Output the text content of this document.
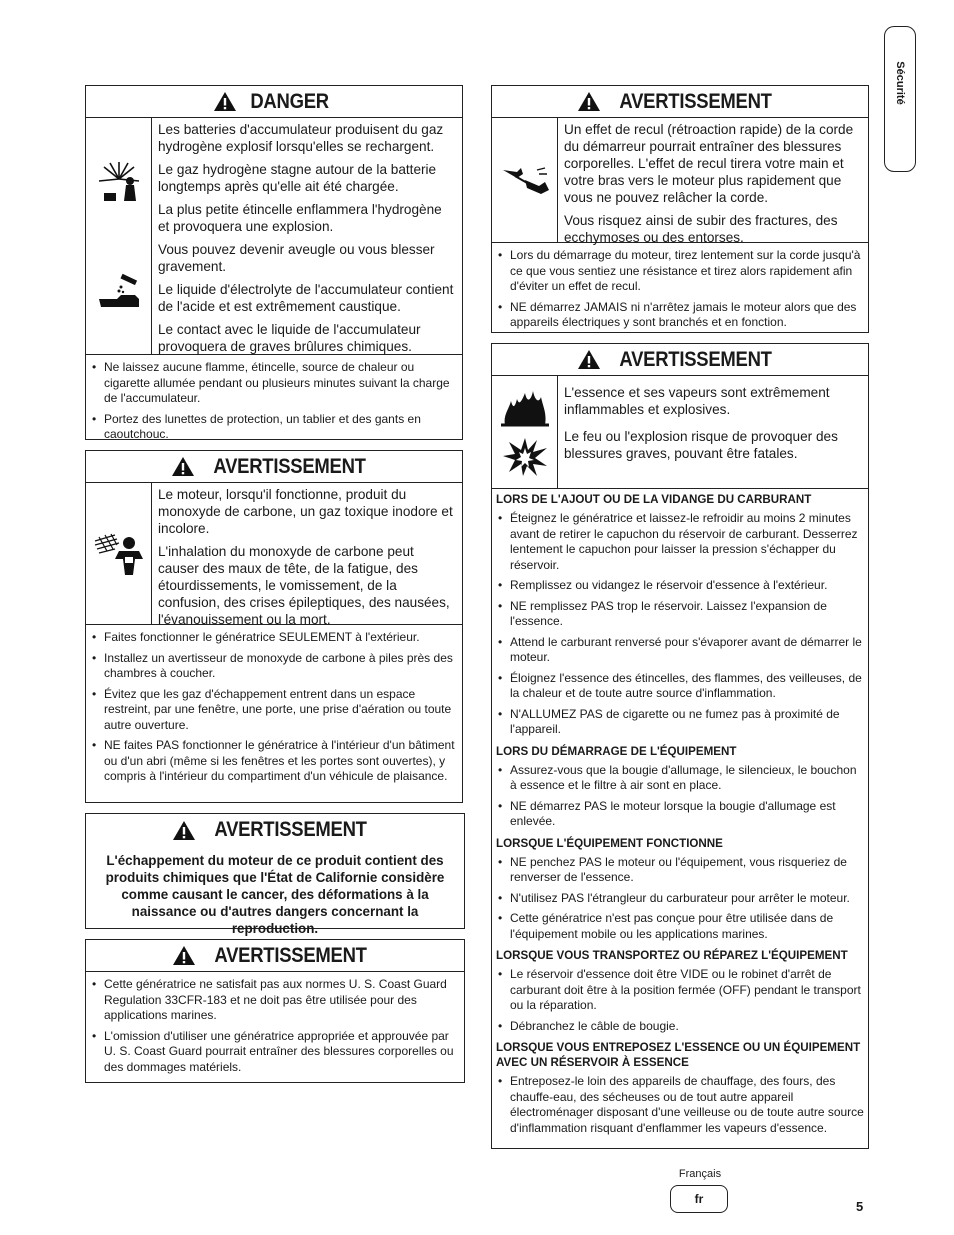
Sécurité
DANGER

Les batteries d'accumulateur produisent du gaz hydrogène explosif lorsqu'elles se rechargent.

Le gaz hydrogène stagne autour de la batterie longtemps après qu'elle ait été chargée.

La plus petite étincelle enflammera l'hydrogène et provoquera une explosion.

Vous pouvez devenir aveugle ou vous blesser gravement.

Le liquide d'électrolyte de l'accumulateur contient de l'acide et est extrêmement caustique.

Le contact avec le liquide de l'accumulateur provoquera de graves brûlures chimiques.

• Ne laissez aucune flamme, étincelle, source de chaleur ou cigarette allumée pendant ou plusieurs minutes suivant la charge de l'accumulateur.
• Portez des lunettes de protection, un tablier et des gants en caoutchouc.
AVERTISSEMENT

Le moteur, lorsqu'il fonctionne, produit du monoxyde de carbone, un gaz toxique inodore et incolore.

L'inhalation du monoxyde de carbone peut causer des maux de tête, de la fatigue, des étourdissements, le vomissement, de la confusion, des crises épileptiques, des nausées, l'évanouissement ou la mort.

• Faites fonctionner le génératrice SEULEMENT à l'extérieur.
• Installez un avertisseur de monoxyde de carbone à piles près des chambres à coucher.
• Évitez que les gaz d'échappement entrent dans un espace restreint, par une fenêtre, une porte, une prise d'aération ou toute autre ouverture.
• NE faites PAS fonctionner le génératrice à l'intérieur d'un bâtiment ou d'un abri (même si les fenêtres et les portes sont ouvertes), y compris à l'intérieur du compartiment d'un véhicule de plaisance.
AVERTISSEMENT
L'échappement du moteur de ce produit contient des produits chimiques que l'État de Californie considère comme causant le cancer, des déformations à la naissance ou d'autres dangers concernant la reproduction.
AVERTISSEMENT
• Cette génératrice ne satisfait pas aux normes U. S. Coast Guard Regulation 33CFR-183 et ne doit pas être utilisée pour des applications marines.
• L'omission d'utiliser une génératrice appropriée et approuvée par U. S. Coast Guard pourrait entraîner des blessures corporelles ou des dommages matériels.
AVERTISSEMENT

Un effet de recul (rétroaction rapide) de la corde du démarreur pourrait entraîner des blessures corporelles. L'effet de recul tirera votre main et votre bras vers le moteur plus rapidement que vous ne pouvez relâcher la corde.

Vous risquez ainsi de subir des fractures, des ecchymoses ou des entorses.

• Lors du démarrage du moteur, tirez lentement sur la corde jusqu'à ce que vous sentiez une résistance et tirez alors rapidement afin d'éviter un effet de recul.
• NE démarrez JAMAIS ni n'arrêtez jamais le moteur alors que des appareils électriques y sont branchés et en fonction.
AVERTISSEMENT

L'essence et ses vapeurs sont extrêmement inflammables et explosives.

Le feu ou l'explosion risque de provoquer des blessures graves, pouvant être fatales.

LORS DE L'AJOUT OU DE LA VIDANGE DU CARBURANT
• Éteignez le génératrice et laissez-le refroidir au moins 2 minutes avant de retirer le capuchon du réservoir de carburant. Desserrez lentement le capuchon pour laisser la pression s'échapper du réservoir.
• Remplissez ou vidangez le réservoir d'essence à l'extérieur.
• NE remplissez PAS trop le réservoir. Laissez l'expansion de l'essence.
• Attend le carburant renversé pour s'évaporer avant de démarrer le moteur.
• Éloignez l'essence des étincelles, des flammes, des veilleuses, de la chaleur et de toute autre source d'inflammation.
• N'ALLUMEZ PAS de cigarette ou ne fumez pas à proximité de l'appareil.
LORS DU DÉMARRAGE DE L'ÉQUIPEMENT
• Assurez-vous que la bougie d'allumage, le silencieux, le bouchon à essence et le filtre à air sont en place.
• NE démarrez PAS le moteur lorsque la bougie d'allumage est enlevée.
LORSQUE L'ÉQUIPEMENT FONCTIONNE
• NE penchez PAS le moteur ou l'équipement, vous risqueriez de renverser de l'essence.
• N'utilisez PAS l'étrangleur du carburateur pour arrêter le moteur.
• Cette génératrice n'est pas conçue pour être utilisée dans de l'équipement mobile ou les applications marines.
LORSQUE VOUS TRANSPORTEZ OU RÉPAREZ L'ÉQUIPEMENT
• Le réservoir d'essence doit être VIDE ou le robinet d'arrêt de carburant doit être à la position fermée (OFF) pendant le transport ou la réparation.
• Débranchez le câble de bougie.
LORSQUE VOUS ENTREPOSEZ L'ESSENCE OU UN ÉQUIPEMENT AVEC UN RÉSERVOIR À ESSENCE
• Entreposez-le loin des appareils de chauffage, des fours, des chauffe-eau, des sécheuses ou de tout autre appareil électroménager disposant d'une veilleuse ou de toute autre source d'inflammation risquant d'enflammer les vapeurs d'essence.
Français
fr	5
